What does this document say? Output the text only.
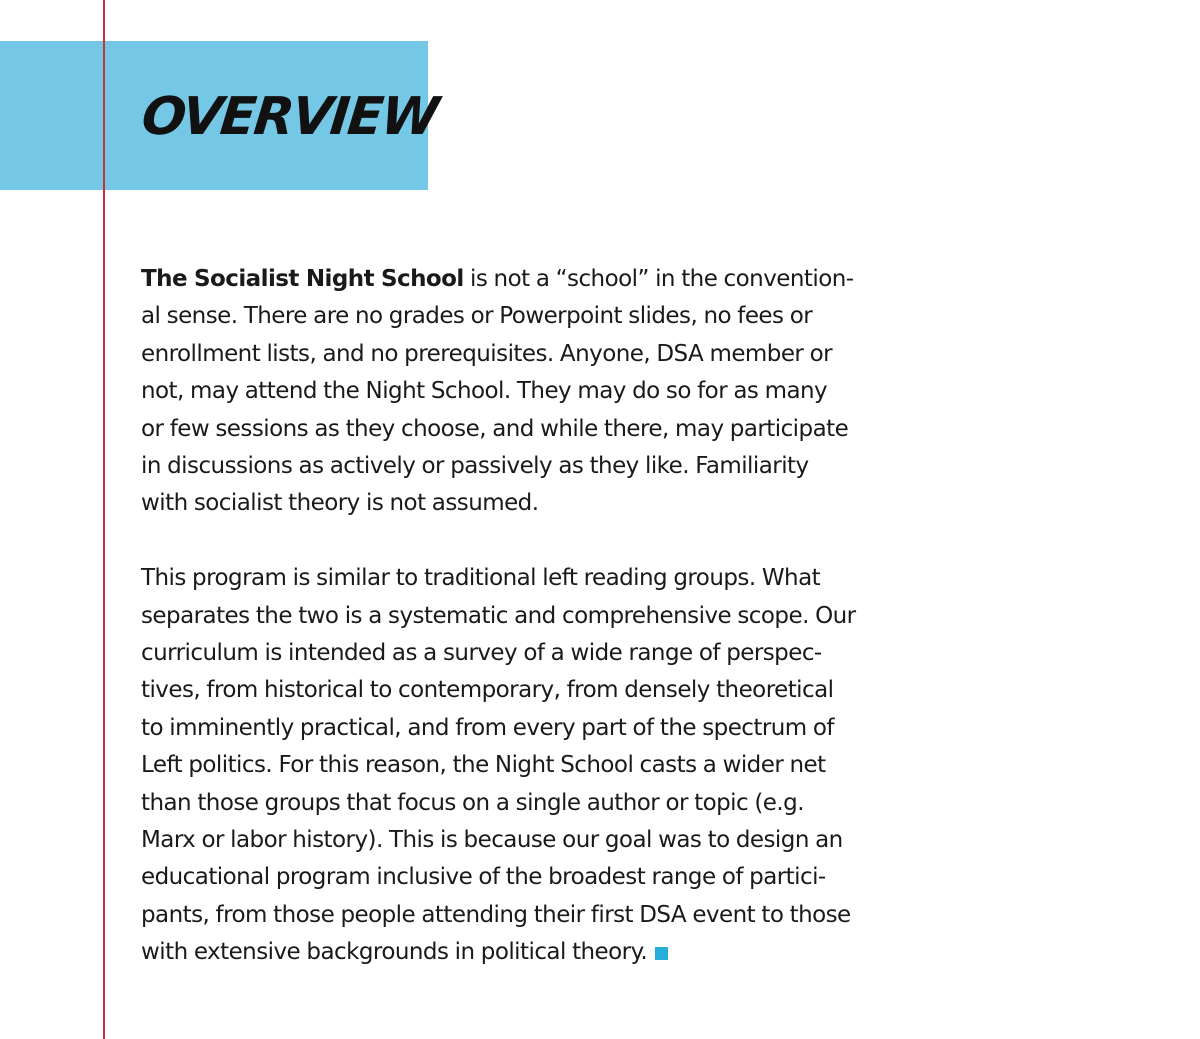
OVERVIEW

The Socialist Night School is not a “school” in the convention-
al sense. There are no grades or Powerpoint slides, no fees or
enrollment lists, and no prerequisites. Anyone, DSA member or
not, may attend the Night School. They may do so for as many
or few sessions as they choose, and while there, may participate
in discussions as actively or passively as they like. Familiarity
with socialist theory is not assumed.

This program is similar to traditional left reading groups. What
separates the two is a systematic and comprehensive scope. Our
curriculum is intended as a survey of a wide range of perspec-
tives, from historical to contemporary, from densely theoretical
to imminently practical, and from every part of the spectrum of
Left politics. For this reason, the Night School casts a wider net
than those groups that focus on a single author or topic (e.g.
Marx or labor history). This is because our goal was to design an
educational program inclusive of the broadest range of partici-
pants, from those people attending their first DSA event to those
with extensive backgrounds in political theory.
